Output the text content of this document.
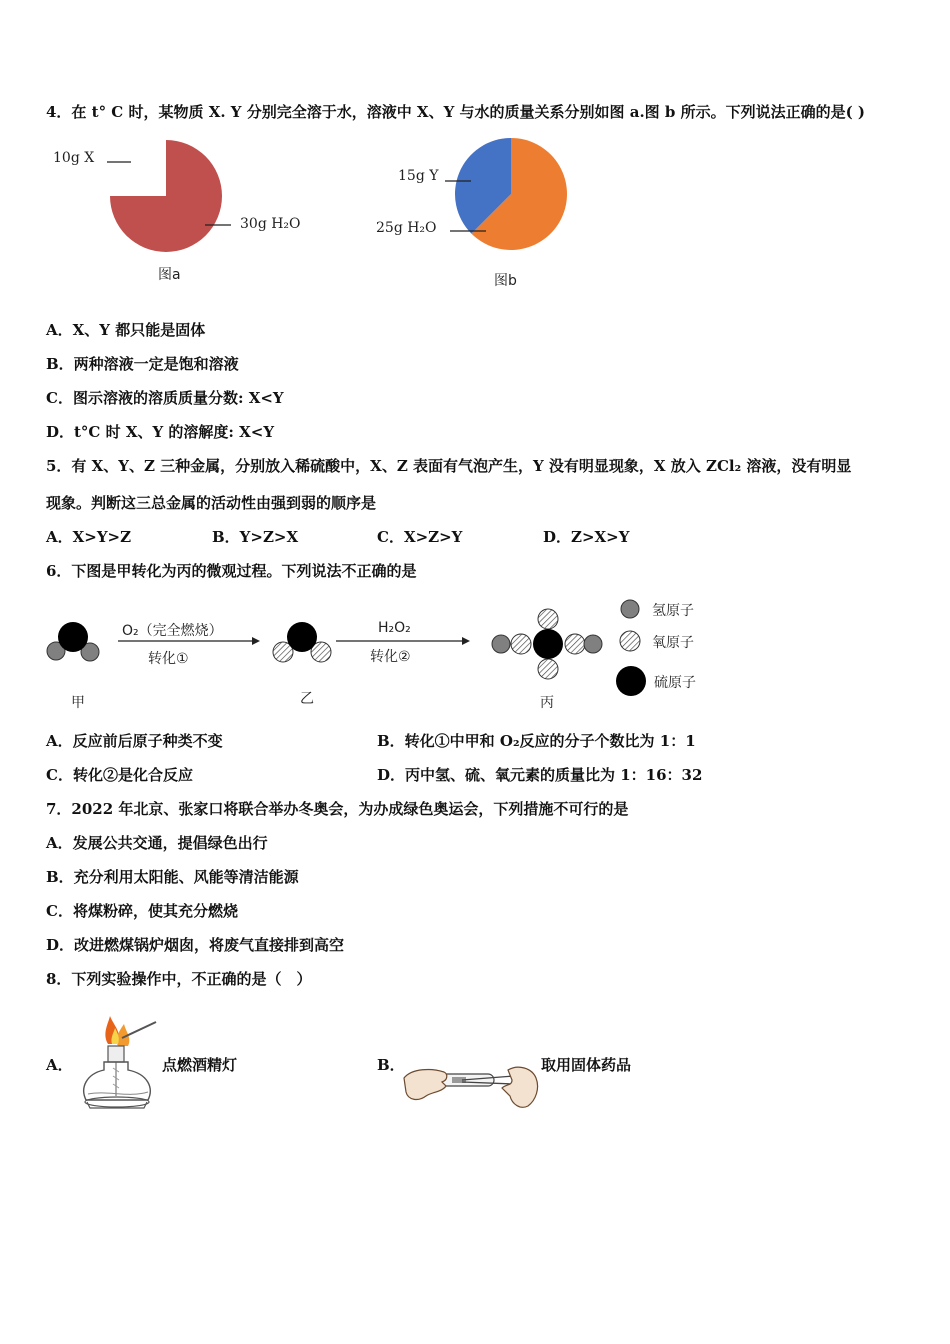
4．在 t° C 时，某物质 X. Y 分别完全溶于水，溶液中 X、Y 与水的质量关系分别如图 a.图 b 所示。下列说法正确的是( )
10g X
30g H₂O
图a
15g Y
25g H₂O
图b
A．X、Y 都只能是固体
B．两种溶液一定是饱和溶液
C．图示溶液的溶质质量分数: X<Y
D．t°C 时 X、Y 的溶解度: X<Y
5．有 X、Y、Z 三种金属，分别放入稀硫酸中，X、Z 表面有气泡产生，Y 没有明显现象，X 放入 ZCl₂ 溶液，没有明显
现象。判断这三总金属的活动性由强到弱的顺序是
A．X>Y>Z	B．Y>Z>X	C．X>Z>Y	D．Z>X>Y
6．下图是甲转化为丙的微观过程。下列说法不正确的是
O₂（完全燃烧）
转化①
H₂O₂
转化②
甲	乙	丙
氢原子
氧原子
硫原子
A．反应前后原子种类不变	B．转化①中甲和 O₂反应的分子个数比为 1：1
C．转化②是化合反应	D．丙中氢、硫、氧元素的质量比为 1：16：32
7．2022 年北京、张家口将联合举办冬奥会，为办成绿色奥运会，下列措施不可行的是
A．发展公共交通，提倡绿色出行
B．充分利用太阳能、风能等清洁能源
C．将煤粉碎，使其充分燃烧
D．改进燃煤锅炉烟囱，将废气直接排到高空
8．下列实验操作中，不正确的是（　）
A．	点燃酒精灯	B．	取用固体药品
